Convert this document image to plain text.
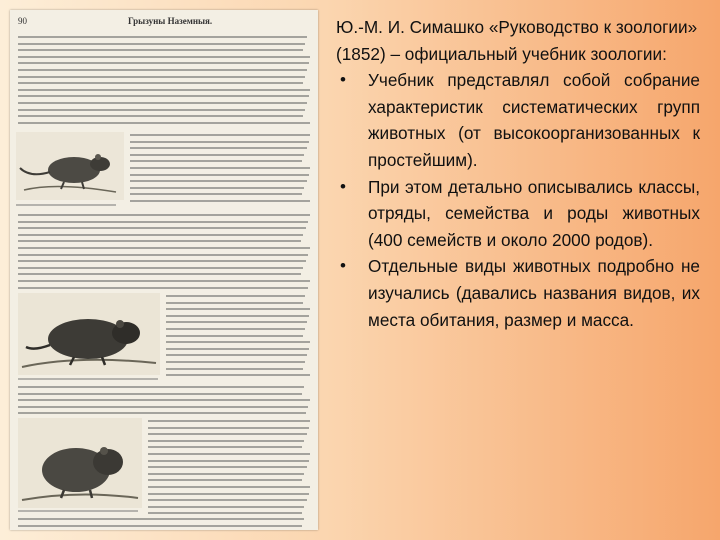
90	Грызуны Наземныя.	Ю.-М. И. Симашко «Руководство к зоологии» (1852) – официальный учебник зоологии:

• Учебник представлял собой собрание характеристик систематических групп животных (от высокоорганизованных к простейшим).
• При этом детально описывались классы, отряды, семейства и роды животных (400 семейств и около 2000 родов).
• Отдельные виды животных подробно не изучались (давались названия видов, их места обитания, размер и масса.
